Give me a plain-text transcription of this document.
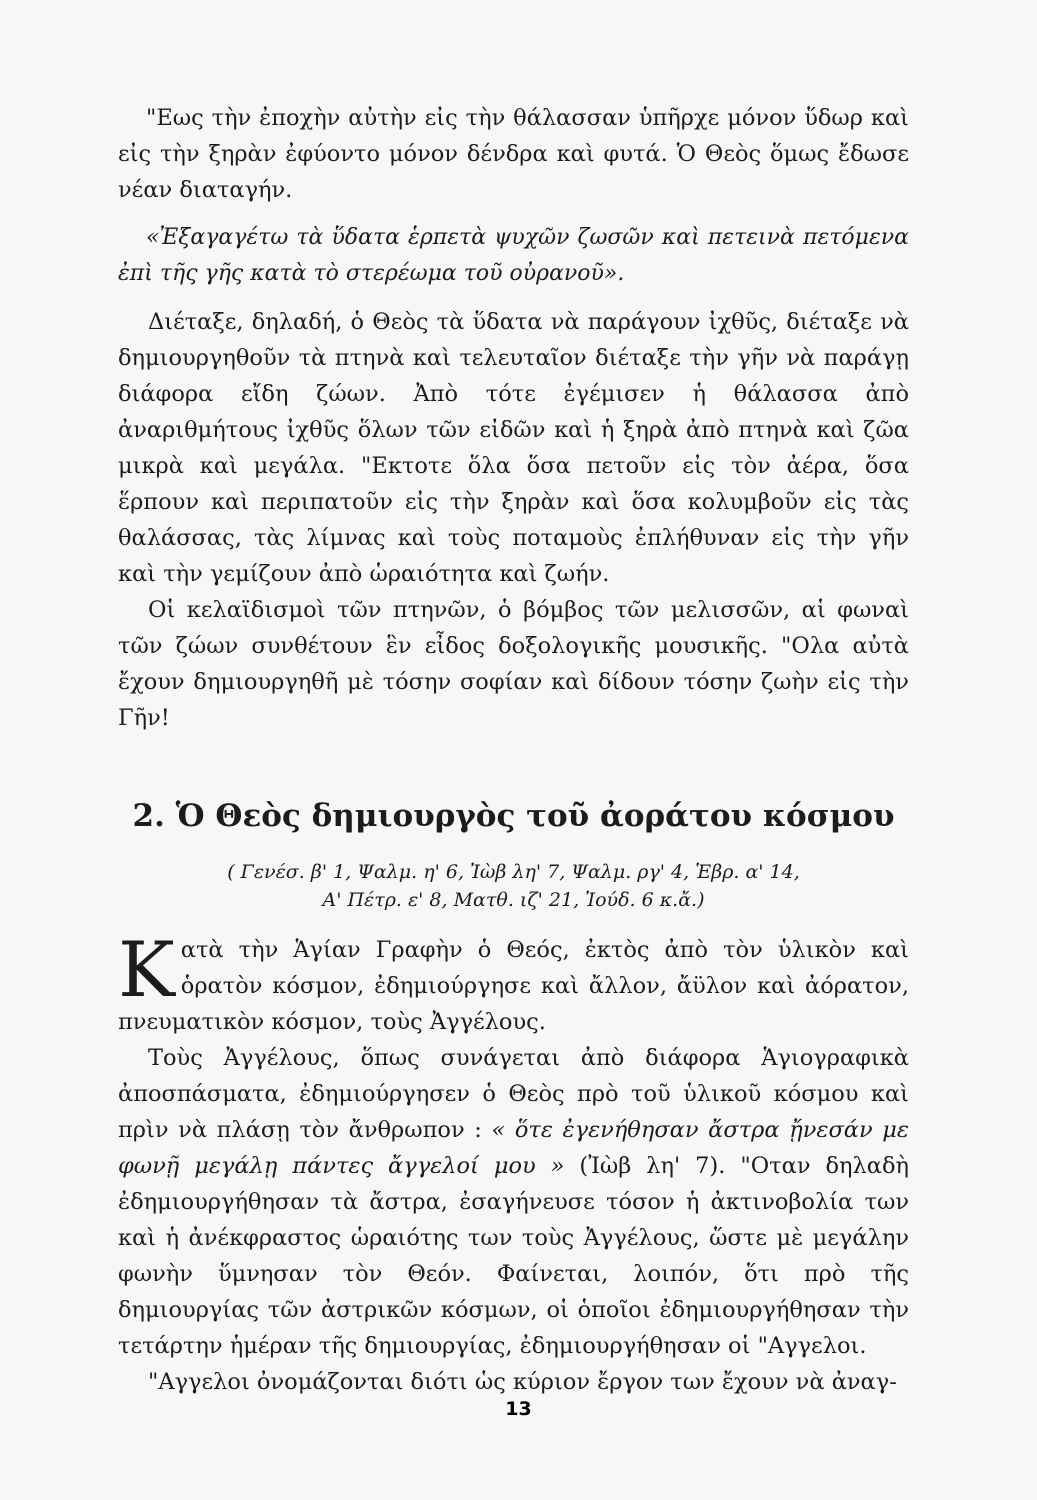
"Εως τὴν ἐποχὴν αὐτὴν εἰς τὴν θάλασσαν ὑπῆρχε μόνον ὕδωρ καὶ εἰς τὴν ξηρὰν ἐφύοντο μόνον δένδρα καὶ φυτά. Ὁ Θεὸς ὅμως ἔδωσε νέαν διαταγήν.

«Ἐξαγαγέτω τὰ ὕδατα ἑρπετὰ ψυχῶν ζωσῶν καὶ πετεινὰ πετόμενα ἐπὶ τῆς γῆς κατὰ τὸ στερέωμα τοῦ οὐρανοῦ».

Διέταξε, δηλαδή, ὁ Θεὸς τὰ ὕδατα νὰ παράγουν ἰχθῦς, διέταξε νὰ δημιουργηθοῦν τὰ πτηνὰ καὶ τελευταῖον διέταξε τὴν γῆν νὰ παράγῃ διάφορα εἴδη ζώων. Ἀπὸ τότε ἐγέμισεν ἡ θάλασσα ἀπὸ ἀναριθμήτους ἰχθῦς ὅλων τῶν εἰδῶν καὶ ἡ ξηρὰ ἀπὸ πτηνὰ καὶ ζῶα μικρὰ καὶ μεγάλα. "Εκτοτε ὅλα ὅσα πετοῦν εἰς τὸν ἀέρα, ὅσα ἕρπουν καὶ περιπατοῦν εἰς τὴν ξηρὰν καὶ ὅσα κολυμβοῦν εἰς τὰς θαλάσσας, τὰς λίμνας καὶ τοὺς ποταμοὺς ἐπλήθυναν εἰς τὴν γῆν καὶ τὴν γεμίζουν ἀπὸ ὡραιότητα καὶ ζωήν.

Οἱ κελαϊδισμοὶ τῶν πτηνῶν, ὁ βόμβος τῶν μελισσῶν, αἱ φωναὶ τῶν ζώων συνθέτουν ἓν εἶδος δοξολογικῆς μουσικῆς. "Ολα αὐτὰ ἔχουν δημιουργηθῆ μὲ τόσην σοφίαν καὶ δίδουν τόσην ζωὴν εἰς τὴν Γῆν!

2. Ὁ Θεὸς δημιουργὸς τοῦ ἀοράτου κόσμου
( Γενέσ. β' 1, Ψαλμ. η' 6, Ἰὼβ λη' 7, Ψαλμ. ργ' 4, Ἑβρ. α' 14,
Α' Πέτρ. ε' 8, Ματθ. ιζ' 21, Ἰούδ. 6 κ.ἄ.)

Kατὰ τὴν Ἁγίαν Γραφὴν ὁ Θεός, ἐκτὸς ἀπὸ τὸν ὑλικὸν καὶ ὁρατὸν κόσμον, ἐδημιούργησε καὶ ἄλλον, ἄϋλον καὶ ἀόρατον, πνευματικὸν κόσμον, τοὺς Ἀγγέλους.

Τοὺς Ἀγγέλους, ὅπως συνάγεται ἀπὸ διάφορα Ἁγιογραφικὰ ἀποσπάσματα, ἐδημιούργησεν ὁ Θεὸς πρὸ τοῦ ὑλικοῦ κόσμου καὶ πρὶν νὰ πλάσῃ τὸν ἄνθρωπον : « ὅτε ἐγενήθησαν ἄστρα ᾔνεσάν με φωνῇ μεγάλῃ πάντες ἄγγελοί μου » (Ἰὼβ λη' 7). "Οταν δηλαδὴ ἐδημιουργήθησαν τὰ ἄστρα, ἐσαγήνευσε τόσον ἡ ἀκτινοβολία των καὶ ἡ ἀνέκφραστος ὡραιότης των τοὺς Ἀγγέλους, ὥστε μὲ μεγάλην φωνὴν ὕμνησαν τὸν Θεόν. Φαίνεται, λοιπόν, ὅτι πρὸ τῆς δημιουργίας τῶν ἀστρικῶν κόσμων, οἱ ὁποῖοι ἐδημιουργήθησαν τὴν τετάρτην ἡμέραν τῆς δημιουργίας, ἐδημιουργήθησαν οἱ "Αγγελοι.

"Αγγελοι ὀνομάζονται διότι ὡς κύριον ἔργον των ἔχουν νὰ ἀναγ-

13
